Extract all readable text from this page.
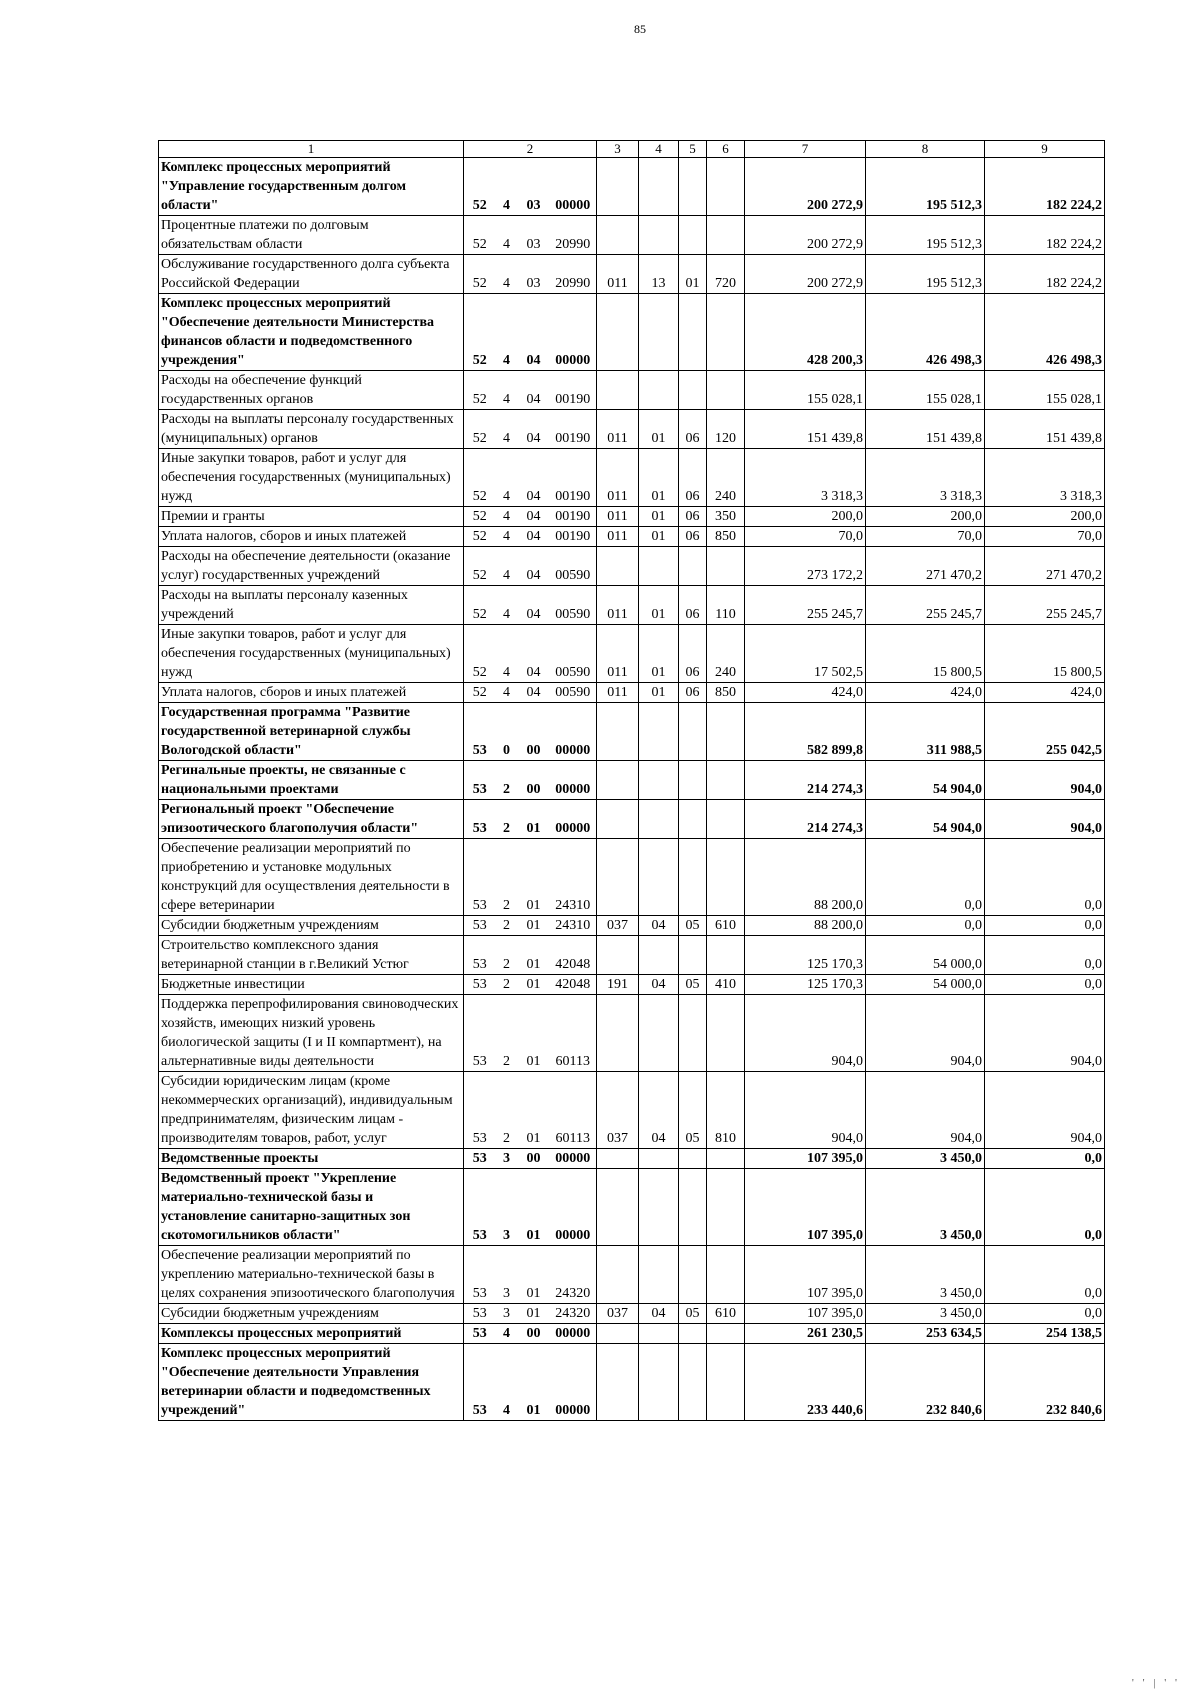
85
1	2				3	4	5	6	7	8	9
Комплекс процессных мероприятий "Управление государственным долгом области"	52	4	03	00000					200 272,9	195 512,3	182 224,2
Процентные платежи по долговым обязательствам области	52	4	03	20990					200 272,9	195 512,3	182 224,2
Обслуживание государственного долга субъекта Российской Федерации	52	4	03	20990	011	13	01	720	200 272,9	195 512,3	182 224,2
Комплекс процессных мероприятий "Обеспечение деятельности Министерства финансов области и подведомственного учреждения"	52	4	04	00000					428 200,3	426 498,3	426 498,3
Расходы на обеспечение функций государственных органов	52	4	04	00190					155 028,1	155 028,1	155 028,1
Расходы на выплаты персоналу государственных (муниципальных) органов	52	4	04	00190	011	01	06	120	151 439,8	151 439,8	151 439,8
Иные закупки товаров, работ и услуг для обеспечения государственных (муниципальных) нужд	52	4	04	00190	011	01	06	240	3 318,3	3 318,3	3 318,3
Премии и гранты	52	4	04	00190	011	01	06	350	200,0	200,0	200,0
Уплата налогов, сборов и иных платежей	52	4	04	00190	011	01	06	850	70,0	70,0	70,0
Расходы на обеспечение деятельности (оказание услуг) государственных учреждений	52	4	04	00590					273 172,2	271 470,2	271 470,2
Расходы на выплаты персоналу казенных учреждений	52	4	04	00590	011	01	06	110	255 245,7	255 245,7	255 245,7
Иные закупки товаров, работ и услуг для обеспечения государственных (муниципальных) нужд	52	4	04	00590	011	01	06	240	17 502,5	15 800,5	15 800,5
Уплата налогов, сборов и иных платежей	52	4	04	00590	011	01	06	850	424,0	424,0	424,0
Государственная программа "Развитие государственной ветеринарной службы Вологодской области"	53	0	00	00000					582 899,8	311 988,5	255 042,5
Регинальные проекты, не связанные с национальными проектами	53	2	00	00000					214 274,3	54 904,0	904,0
Региональный проект "Обеспечение эпизоотического благополучия области"	53	2	01	00000					214 274,3	54 904,0	904,0
Обеспечение реализации мероприятий по приобретению и установке модульных конструкций для осуществления деятельности в сфере ветеринарии	53	2	01	24310					88 200,0	0,0	0,0
Субсидии бюджетным учреждениям	53	2	01	24310	037	04	05	610	88 200,0	0,0	0,0
Строительство комплексного здания ветеринарной станции в г.Великий Устюг	53	2	01	42048					125 170,3	54 000,0	0,0
Бюджетные инвестиции	53	2	01	42048	191	04	05	410	125 170,3	54 000,0	0,0
Поддержка перепрофилирования свиноводческих хозяйств, имеющих низкий уровень биологической защиты (I и II компартмент), на альтернативные виды деятельности	53	2	01	60113					904,0	904,0	904,0
Субсидии юридическим лицам (кроме некоммерческих организаций), индивидуальным предпринимателям, физическим лицам - производителям товаров, работ, услуг	53	2	01	60113	037	04	05	810	904,0	904,0	904,0
Ведомственные проекты	53	3	00	00000					107 395,0	3 450,0	0,0
Ведомственный проект "Укрепление материально-технической базы и установление санитарно-защитных зон скотомогильников области"	53	3	01	00000					107 395,0	3 450,0	0,0
Обеспечение реализации мероприятий по укреплению материально-технической базы в целях сохранения эпизоотического благополучия	53	3	01	24320					107 395,0	3 450,0	0,0
Субсидии бюджетным учреждениям	53	3	01	24320	037	04	05	610	107 395,0	3 450,0	0,0
Комплексы процессных мероприятий	53	4	00	00000					261 230,5	253 634,5	254 138,5
Комплекс процессных мероприятий "Обеспечение деятельности Управления ветеринарии области и подведомственных учреждений"	53	4	01	00000					233 440,6	232 840,6	232 840,6
' ' | ' '
